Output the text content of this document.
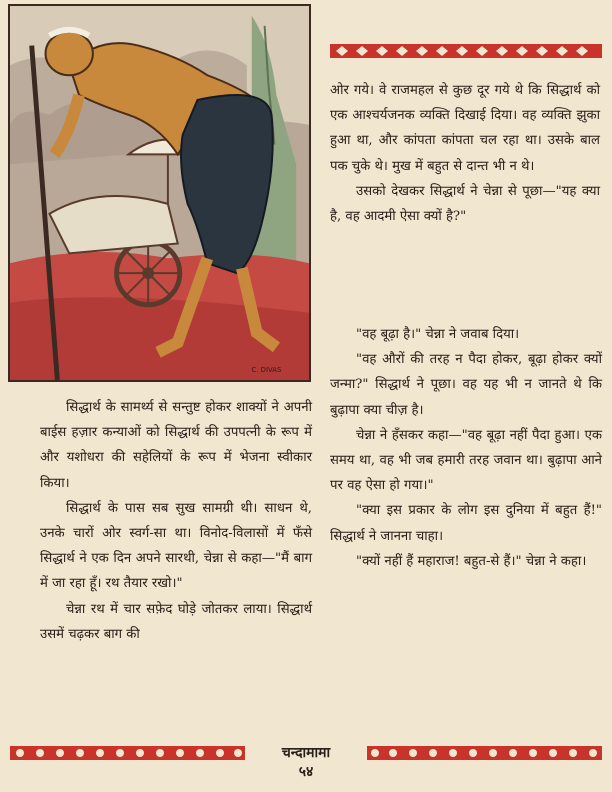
C. DIVAS

ओर गये। वे राजमहल से कुछ दूर गये थे कि सिद्धार्थ को एक आश्चर्यजनक व्यक्ति दिखाई दिया। वह व्यक्ति झुका हुआ था, और कांपता कांपता चल रहा था। उसके बाल पक चुके थे। मुख में बहुत से दान्त भी न थे।

उसको देखकर सिद्धार्थ ने चेन्ना से पूछा—"यह क्या है, वह आदमी ऐसा क्यों है?"

"वह बूढ़ा है।" चेन्ना ने जवाब दिया।

"वह औरों की तरह न पैदा होकर, बूढ़ा होकर क्यों जन्मा?" सिद्धार्थ ने पूछा। वह यह भी न जानते थे कि बुढ़ापा क्या चीज़ है।

चेन्ना ने हँसकर कहा—"वह बूढ़ा नहीं पैदा हुआ। एक समय था, वह भी जब हमारी तरह जवान था। बुढ़ापा आने पर वह ऐसा हो गया।"

"क्या इस प्रकार के लोग इस दुनिया में बहुत हैं!" सिद्धार्थ ने जानना चाहा।

"क्यों नहीं हैं महाराज! बहुत-से हैं।" चेन्ना ने कहा।

सिद्धार्थ के सामर्थ्य से सन्तुष्ट होकर शाक्यों ने अपनी बाईस हज़ार कन्याओं को सिद्धार्थ की उपपत्नी के रूप में और यशोधरा की सहेलियों के रूप में भेजना स्वीकार किया।

सिद्धार्थ के पास सब सुख सामग्री थी। साधन थे, उनके चारों ओर स्वर्ग-सा था। विनोद-विलासों में फँसे सिद्धार्थ ने एक दिन अपने सारथी, चेन्ना से कहा—"मैं बाग में जा रहा हूँ। रथ तैयार रखो।"

चेन्ना रथ में चार सफ़ेद घोड़े जोतकर लाया। सिद्धार्थ उसमें चढ़कर बाग की

चन्दामामा
५४
